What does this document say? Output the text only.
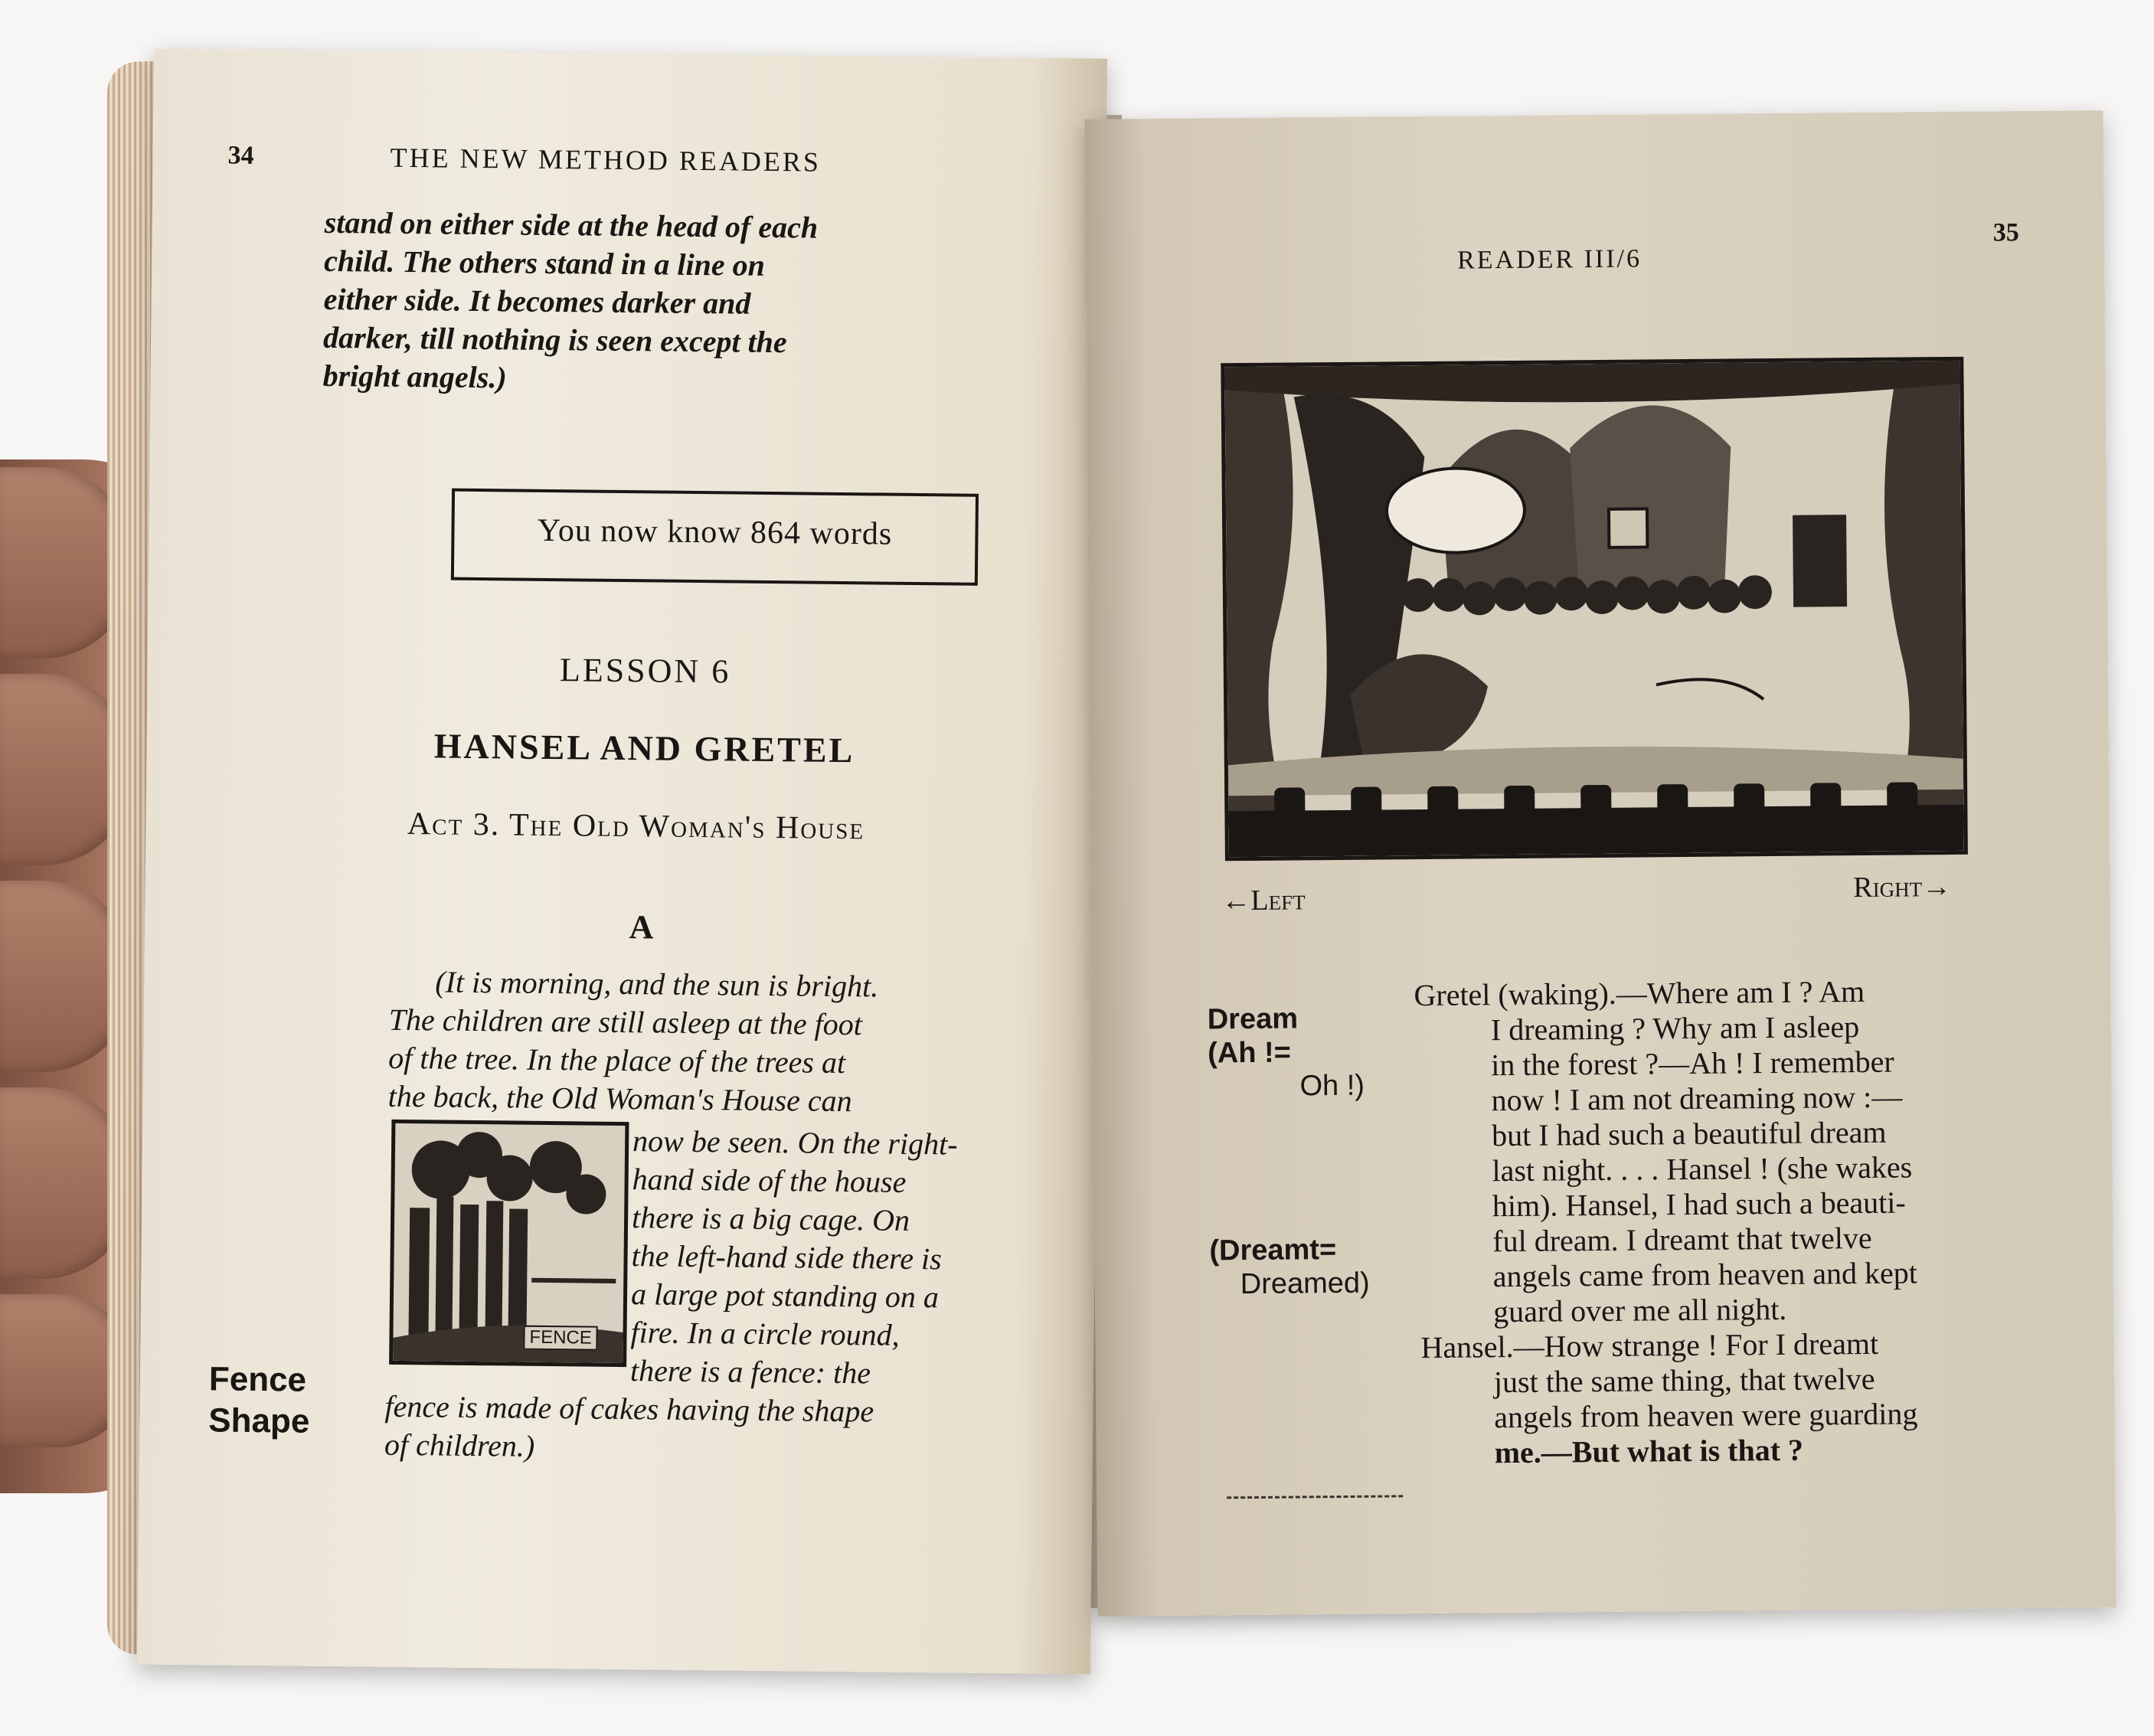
34	THE NEW METHOD READERS
stand on either side at the head of each
child. The others stand in a line on
either side. It becomes darker and
darker, till nothing is seen except the
bright angels.)
You now know 864 words
LESSON 6
HANSEL AND GRETEL
Act 3. The Old Woman's House
A
(It is morning, and the sun is bright.
The children are still asleep at the foot
of the tree. In the place of the trees at
the back, the Old Woman's House can
FENCE
now be seen. On the right-
hand side of the house
there is a big cage. On
the left-hand side there is
a large pot standing on a
fire. In a circle round,
there is a fence: the
fence is made of cakes having the shape
of children.)
Fence
Shape
READER III/6
35
←Left	Right→
Dream
(Ah !=
Oh !)
(Dreamt=
Dreamed)
Gretel (waking).—Where am I ? Am
I dreaming ? Why am I asleep
in the forest ?—Ah ! I remember
now ! I am not dreaming now :—
but I had such a beautiful dream
last night. . . . Hansel ! (she wakes
him). Hansel, I had such a beauti-
ful dream. I dreamt that twelve
angels came from heaven and kept
guard over me all night.
Hansel.—How strange ! For I dreamt
just the same thing, that twelve
angels from heaven were guarding
me.—But what is that ?
